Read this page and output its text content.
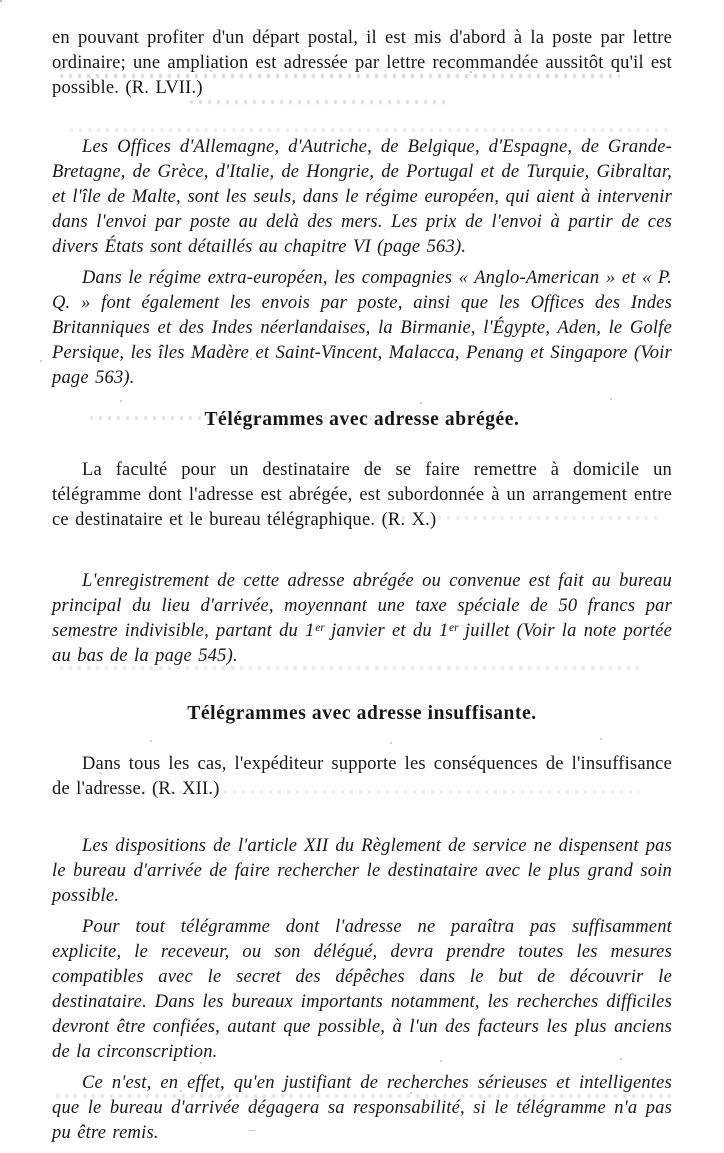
en pouvant profiter d'un départ postal, il est mis d'abord à la poste par lettre ordinaire; une ampliation est adressée par lettre recommandée aussitôt qu'il est possible. (R. LVII.)

Les Offices d'Allemagne, d'Autriche, de Belgique, d'Espagne, de Grande-Bretagne, de Grèce, d'Italie, de Hongrie, de Portugal et de Turquie, Gibraltar, et l'île de Malte, sont les seuls, dans le régime européen, qui aient à intervenir dans l'envoi par poste au delà des mers. Les prix de l'envoi à partir de ces divers États sont détaillés au chapitre VI (page 563).

Dans le régime extra-européen, les compagnies « Anglo-American » et « P. Q. » font également les envois par poste, ainsi que les Offices des Indes Britanniques et des Indes néerlandaises, la Birmanie, l'Égypte, Aden, le Golfe Persique, les îles Madère et Saint-Vincent, Malacca, Penang et Singapore (Voir page 563).

Télégrammes avec adresse abrégée.

La faculté pour un destinataire de se faire remettre à domicile un télégramme dont l'adresse est abrégée, est subordonnée à un arrangement entre ce destinataire et le bureau télégraphique. (R. X.)

L'enregistrement de cette adresse abrégée ou convenue est fait au bureau principal du lieu d'arrivée, moyennant une taxe spéciale de 50 francs par semestre indivisible, partant du 1ᵉʳ janvier et du 1ᵉʳ juillet (Voir la note portée au bas de la page 545).

Télégrammes avec adresse insuffisante.

Dans tous les cas, l'expéditeur supporte les conséquences de l'insuffisance de l'adresse. (R. XII.)

Les dispositions de l'article XII du Règlement de service ne dispensent pas le bureau d'arrivée de faire rechercher le destinataire avec le plus grand soin possible.

Pour tout télégramme dont l'adresse ne paraîtra pas suffisamment explicite, le receveur, ou son délégué, devra prendre toutes les mesures compatibles avec le secret des dépêches dans le but de découvrir le destinataire. Dans les bureaux importants notamment, les recherches difficiles devront être confiées, autant que possible, à l'un des facteurs les plus anciens de la circonscription.

Ce n'est, en effet, qu'en justifiant de recherches sérieuses et intelligentes que le bureau d'arrivée dégagera sa responsabilité, si le télégramme n'a pas pu être remis.
